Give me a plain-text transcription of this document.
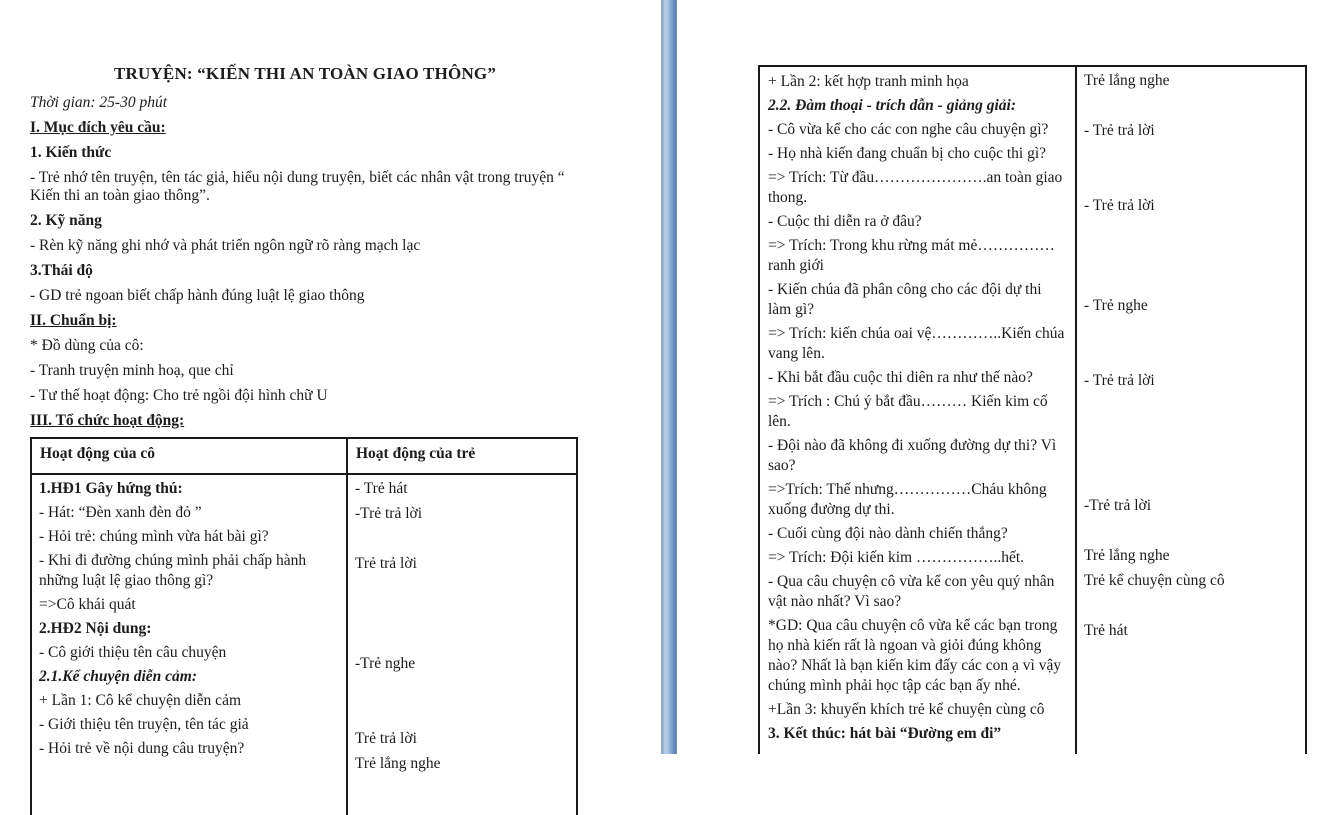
TRUYỆN: “KIẾN THI AN TOÀN GIAO THÔNG”

Thời gian: 25-30 phút

I. Mục đích yêu cầu:

1. Kiến thức

- Trẻ nhớ tên truyện, tên tác giả, hiểu nội dung truyện, biết các nhân vật trong truyện “ Kiến thi an toàn giao thông”.

2. Kỹ năng

- Rèn kỹ năng ghi nhớ và phát triển ngôn ngữ rõ ràng mạch lạc

3.Thái độ

- GD trẻ ngoan biết chấp hành đúng luật lệ giao thông

II. Chuẩn bị:

* Đồ dùng của cô:

- Tranh truyện minh hoạ, que chỉ

- Tư thế hoạt động: Cho trẻ ngồi đội hình chữ U

III. Tổ chức hoạt động:

Hoạt động của cô	Hoạt động của trẻ

1.HĐ1 Gây hứng thú:

- Hát: “Đèn xanh đèn đỏ ”

- Hỏi trẻ: chúng mình vừa hát bài gì?

- Khi đi đường chúng mình phải chấp hành những luật lệ giao thông gì?

=>Cô khái quát

2.HĐ2 Nội dung:

- Cô giới thiệu tên câu chuyện

2.1.Kể chuyện diễn cảm:

+ Lần 1: Cô kể chuyện diễn cảm

- Giới thiệu tên truyện, tên tác giả

- Hỏi trẻ về nội dung câu truyện?

- Trẻ hát

-Trẻ trả lời

Trẻ trả lời

-Trẻ nghe

Trẻ trả lời

Trẻ lắng nghe

+ Lần 2: kết hợp tranh minh họa

2.2. Đàm thoại - trích dẫn - giảng giải:

- Cô vừa kể cho các con nghe câu chuyện gì?

- Họ nhà kiến đang chuẩn bị cho cuộc thi gì?

=> Trích: Từ đầu………………….an toàn giao thong.

- Cuộc thi diễn ra ở đâu?

=> Trích: Trong khu rừng mát mẻ……………ranh giới

- Kiến chúa đã phân công cho các đội dự thi làm gì?

=> Trích: kiến chúa oai vệ…………..Kiến chúa vang lên.

- Khi bắt đầu cuộc thi diên ra như thế nào?

=> Trích : Chú ý bắt đầu……… Kiến kim cố lên.

- Đội nào đã không đi xuống đường dự thi? Vì sao?

=>Trích: Thế nhưng……………Cháu không xuống đường dự thi.

- Cuối cùng đội nào dành chiến thắng?

=> Trích: Đội kiến kim ……………..hết.

- Qua câu chuyện cô vừa kể con yêu quý nhân vật nào nhất? Vì sao?

*GD: Qua câu chuyện cô vừa kể các bạn trong họ nhà kiến rất là ngoan và giỏi đúng không nào? Nhất là bạn kiến kim đấy các con ạ vì vậy chúng mình phải học tập các bạn ấy nhé.

+Lần 3: khuyến khích trẻ kể chuyện cùng cô

3. Kết thúc: hát bài “Đường em đi”

Trẻ lắng nghe

- Trẻ trả lời

- Trẻ trả lời

- Trẻ nghe

- Trẻ trả lời

-Trẻ trả lời

Trẻ lắng nghe

Trẻ kể chuyện cùng cô

Trẻ hát
